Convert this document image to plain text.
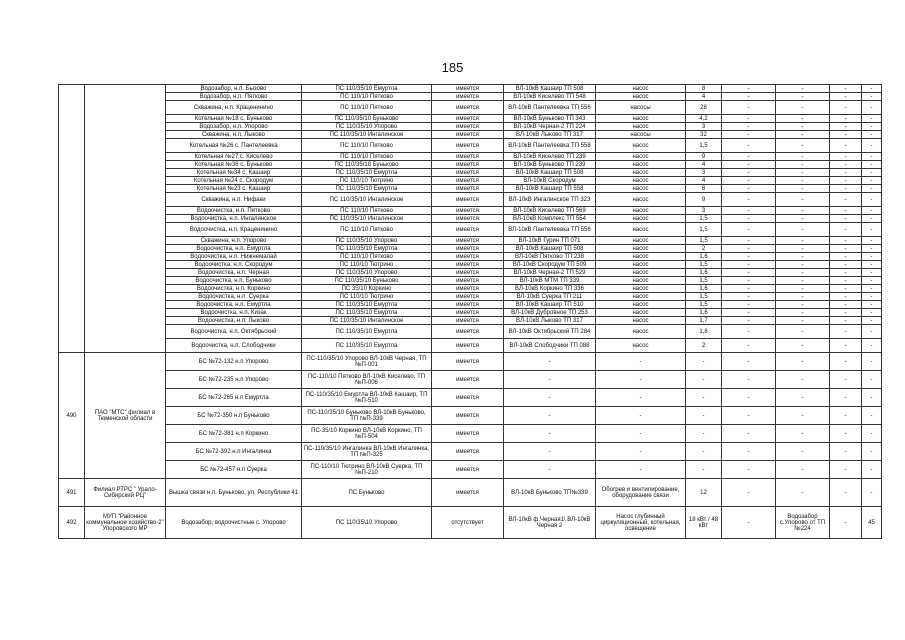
185
		Водозабор, н.п. Бызово	ПС 110/35/10 Емуртла	имеется	ВЛ-10кВ Кашаир ТП 508	насос	8	-	-	-	-
		Водозабор, н.п. Пятково	ПС 110/10 Пятково	имеется	ВЛ-10кВ Киселево ТП 548	насос	4	-	-	-	-
		Скважина, н.п. Краценинино	ПС 110/10 Пятково	имеется	ВЛ-10кВ Пантелеевка ТП 556	насосы	28	-	-	-	-
		Котельная №18 с. Буньково	ПС 110/35/10 Буньково	имеется	ВЛ-10кВ Буньково ТП 343	насос	4,2	-	-	-	-
		Водозабор, н.п. Упорово	ПС 110/35/10 Упорово	имеется	ВЛ-10кВ Черная-2 ТП 224	насос	3	-	-	-	-
		Скважина, н.п. Лыково	ПС 110/35/10 Ингалинское	имеется	ВЛ-10кВ Лыково ТП 317	насосы	32	-	-	-	-
		Котельная №26 с. Пантелеевка	ПС 110/10 Пятково	имеется	ВЛ-10кВ Пантелеевка ТП 558	насос	1,5	-	-	-	-
		Котельная №27 с. Киселево	ПС 110/10 Пятково	имеется	ВЛ-10кВ Киселево ТП 239	насос	9	-	-	-	-
		Котельная №36 с. Буньково	ПС 110/35/10 Буньково	имеется	ВЛ-10кВ Буньково ТП 239	насос	4	-	-	-	-
		Котельная №34 с. Кашаир	ПС 110/35/10 Емуртла	имеется	ВЛ-10кВ Кашаир ТП 508	насос	3	-	-	-	-
		Котельная №24 с. Скородум	ПС 110/10 Тютрино	имеется	ВЛ-10кВ Скородум	насос	4	-	-	-	-
		Котельная №23 с. Кашаир	ПС 110/35/10 Емуртла	имеется	ВЛ-10кВ Кашаир ТП 558	насос	8	-	-	-	-
		Скважина, н.п. Нифаки	ПС 110/35/10 Ингалинское	имеется	ВЛ-10кВ Ингалинское ТП 323	насос	9	-	-	-	-
		Водоочистка, н.п. Пятково	ПС 110/10 Пятково	имеется	ВЛ-10кВ Киселево ТП 569	насос	3	-	-	-	-
		Водоочистка, н.п. Ингалинское	ПС 110/35/10 Ингалинское	имеется	ВЛ-10кВ Комплекс ТП 554	насос	1,5	-	-	-	-
		Водоочистка, н.п. Краценинино	ПС 110/10 Пятково	имеется	ВЛ-10кВ Пантелеевка ТП 556	насос	1,5	-	-	-	-
		Скважина, н.п. Упорово	ПС 110/35/10 Упорово	имеется	ВЛ-10кВ Гурин ТП 071	насос	1,5	-	-	-	-
		Водоочистка, н.п. Емуртла	ПС 110/35/10 Емуртла	имеется	ВЛ-10кВ Кашаир ТП 508	насос	2	-	-	-	-
		Водоочистка, н.п. Нижнемалай	ПС 110/10 Пятково	имеется	ВЛ-10кВ Пятково ТП 238	насос	1,6	-	-	-	-
		Водоочистка, н.п. Скородум	ПС 110/10 Тютрино	имеется	ВЛ-10кВ Скородум ТП 509	насос	1,5	-	-	-	-
		Водоочистка, н.п. Черная	ПС 110/35/10 Упорово	имеется	ВЛ-10кВ Черная-2 ТП 529	насос	1,6	-	-	-	-
		Водоочистка, н.п. Буньково	ПС 110/35/10 Буньково	имеется	ВЛ-10кВ МТМ ТП 339	насос	1,5	-	-	-	-
		Водоочистка, н.п. Коркино	ПС 35/10 Коркино	имеется	ВЛ-10кВ Коркино ТП 336	насос	1,6	-	-	-	-
		Водоочистка, н.п. Суерка	ПС 110/10 Тютрино	имеется	ВЛ-10кВ Суерка ТП 211	насос	1,5	-	-	-	-
		Водоочистка, н.п. Емуртла	ПС 110/35/10 Емуртла	имеется	ВЛ-10кВ Кашаир ТП 510	насос	1,5	-	-	-	-
		Водоочистка, н.п. Кизак	ПС 110/35/10 Емуртла	имеется	ВЛ-10кВ Дубровное ТП 253	насос	1,6	-	-	-	-
		Водоочистка, н.п. Лыково	ПС 110/35/10 Ингалинское	имеется	ВЛ-10кВ Лыково ТП 317	насос	1,7	-	-	-	-
		Водоочистка, н.п. Октябрьский	ПС 110/35/10 Емуртла	имеется	ВЛ-10кВ Октябрьский ТП 284	насос	1,8	-	-	-	-
		Водоочистка, н.п. Слободчики	ПС 110/35/10 Емуртла	имеется	ВЛ-10кВ Слободчики ТП 088	насос	2	-	-	-	-
490	ПАО "МТС" филиал в Тюменской области	БС №72-132 н.п Упорово	ПС-110/35/10 Упорово ВЛ-10кВ Черная, ТП №П-001	имеется	-	-	-	-	-	-	-
		БС №72-235 н.п Упорово	ПС-110/10 Пятково ВЛ-10кВ Киселево, ТП №П-006	имеется	-	-	-	-	-	-	-
		БС №72-265 н.п Емуртла	ПС-110/35/10 Емуртла ВЛ-10кВ Кашаир, ТП №П-510	имеется	-	-	-	-	-	-	-
		БС №72-350 н.п Буньково	ПС-110/35/10 Буньково ВЛ-10кВ Буньково, ТП №П-339	имеется	-	-	-	-	-	-	-
		БС №72-381 н.п Коркино	ПС-35/10 Коркино ВЛ-10кВ Коркино, ТП №П-504	имеется	-	-	-	-	-	-	-
		БС №72-392 н.п Ингалинка	ПС-110/35/10 Ингалинка ВЛ-10кВ Ингалинка, ТП №П-325	имеется	-	-	-	-	-	-	-
		БС №72-457 н.п Суерка	ПС-110/10 Тютрино ВЛ-10кВ Суерка, ТП №П-210	имеется	-	-	-	-	-	-	-
491	Филиал РТРС " Урало-Сибирский РЦ"	Вышка связи н.п. Буньково, ул. Республики 41	ПС Буньково	имеется	ВЛ-10кВ Буньково ТП№339	Обогрев и вентилирование, оборудование связи	12	-	-	-	-
492	МУП "Районное коммунальное хозяйство-2" Упоровского МР	Водозабор, водоочистные с. Упорово	ПС 110\35\10 Упорово	отсутствует	ВЛ-10кВ ф.Черная1\ ВЛ-10кВ Черная 2	Насос глубинный циркуляционный, котельная, освещение	18 кВт / 48 кВт	-	Водозабор с.Упорово от ТП №224	-	45
